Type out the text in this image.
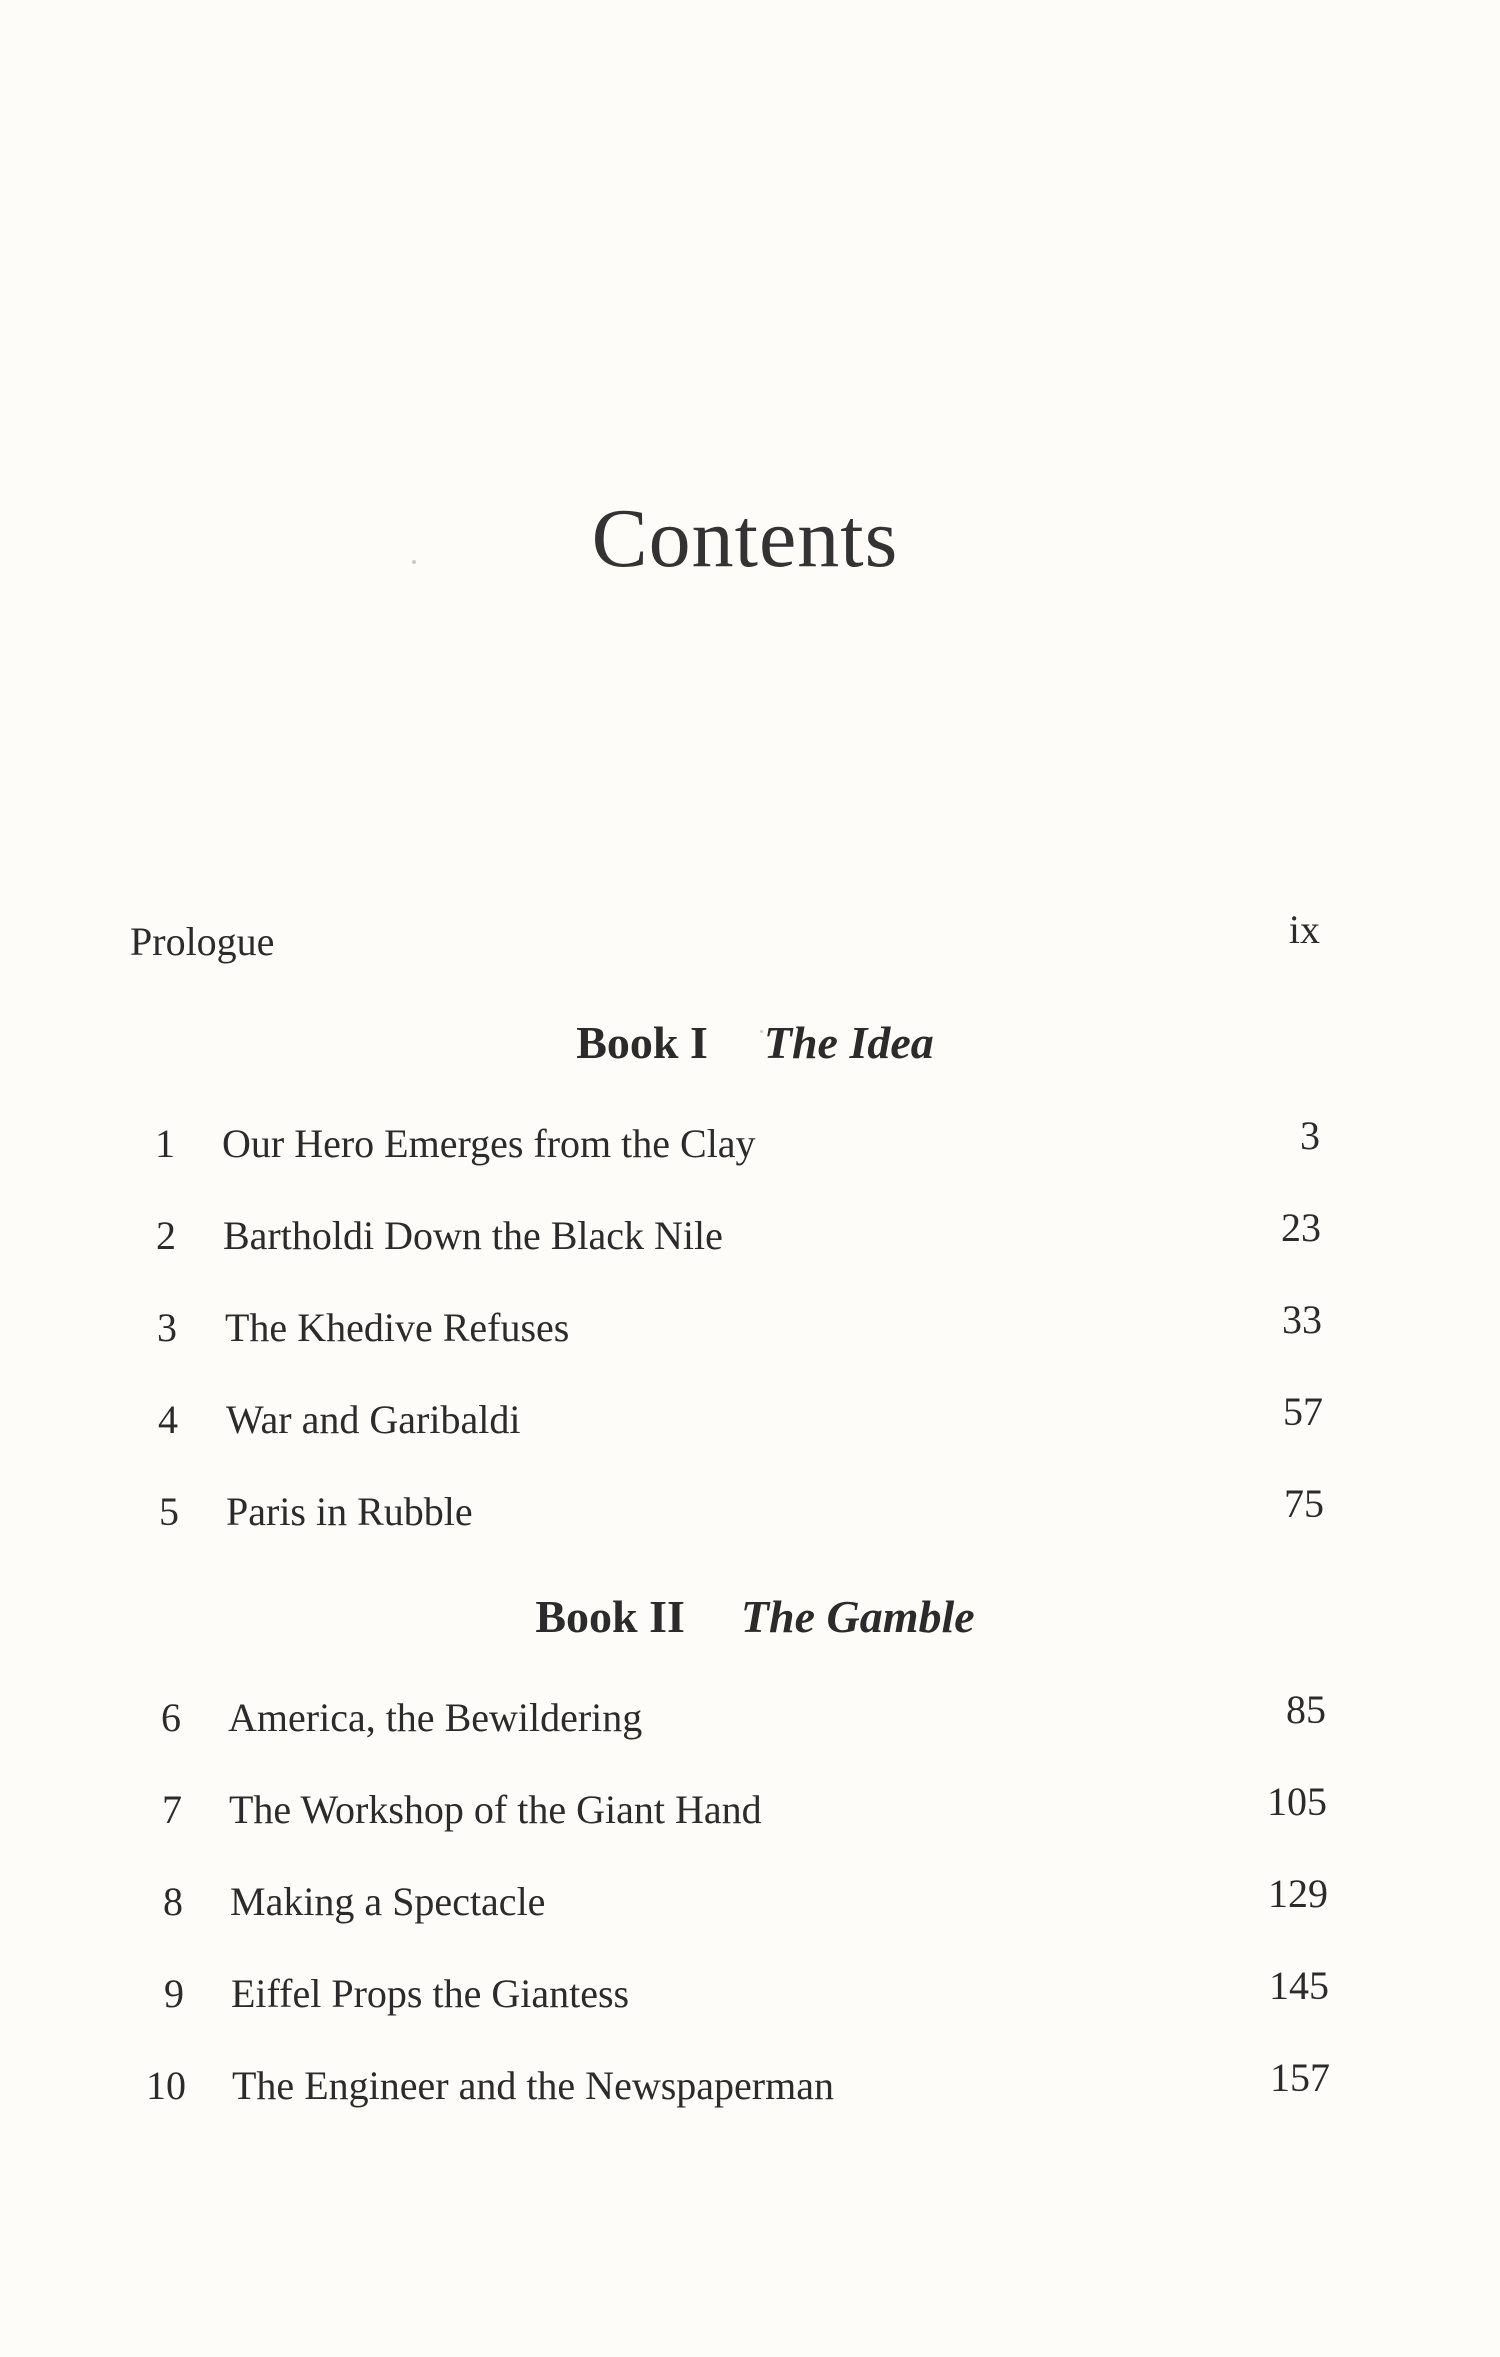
Contents
Prologue	ix
Book I The Idea
1 Our Hero Emerges from the Clay	3
2 Bartholdi Down the Black Nile	23
3 The Khedive Refuses	33
4 War and Garibaldi	57
5 Paris in Rubble	75
Book II The Gamble
6 America, the Bewildering	85
7 The Workshop of the Giant Hand	105
8 Making a Spectacle	129
9 Eiffel Props the Giantess	145
10 The Engineer and the Newspaperman	157
